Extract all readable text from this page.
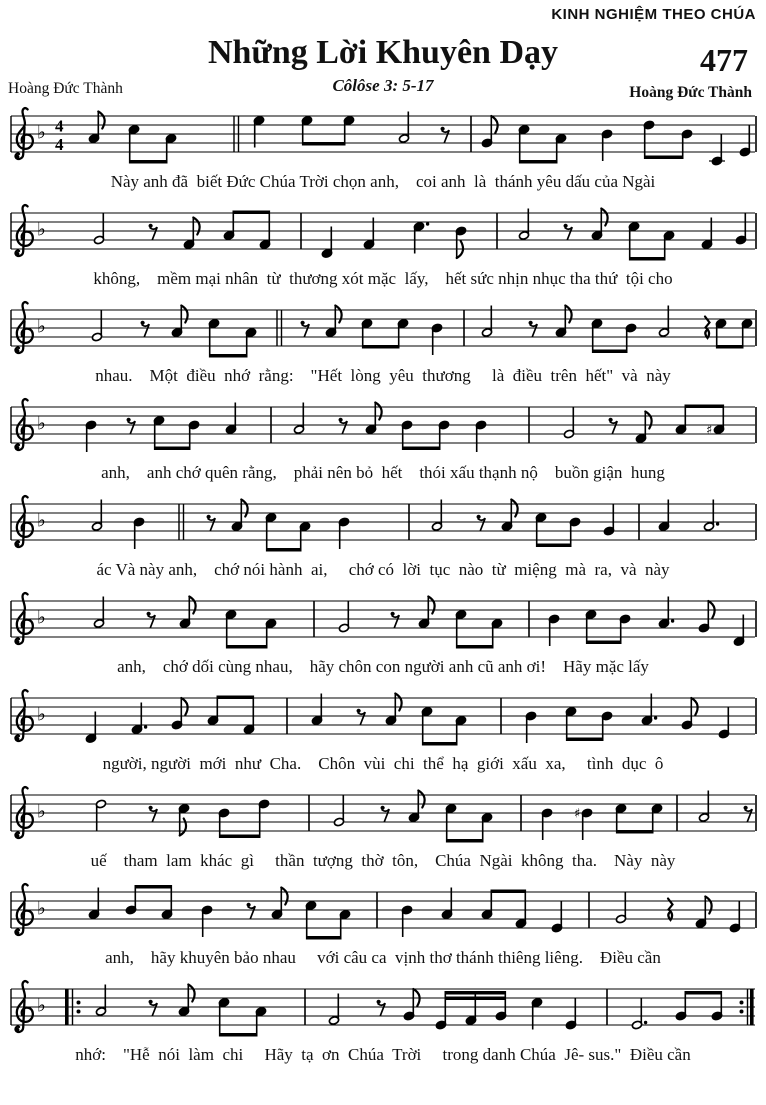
KINH NGHIỆM THEO CHÚA
Những Lời Khuyên Dạy	477
Côlôse 3: 5-17
Hoàng Đức Thành	Hoàng Đức Thành
♭ 4
4
Này anh đã  biết Đức Chúa Trời chọn anh,    coi anh  là  thánh yêu dấu của Ngài
♭
không,    mềm mại nhân  từ  thương xót mặc  lấy,    hết sức nhịn nhục tha thứ  tội cho
♭
nhau.    Một  điều  nhớ  rằng:    "Hết  lòng  yêu  thương     là  điều  trên  hết"  và  này
♭	♯
anh,    anh chớ quên rằng,    phải nên bỏ  hết    thói xấu thạnh nộ    buồn giận  hung
♭
ác Và này anh,    chớ nói hành  ai,     chớ có  lời  tục  nào  từ  miệng  mà  ra,  và  này
♭
anh,    chớ dối cùng nhau,    hãy chôn con người anh cũ anh ơi!    Hãy mặc lấy
♭
người, người  mới  như  Cha.    Chôn  vùi  chi  thể  hạ  giới  xấu  xa,     tình  dục  ô
♭	♯
uế    tham  lam  khác  gì     thần  tượng  thờ  tôn,    Chúa  Ngài  không  tha.    Này  này
♭
anh,    hãy khuyên bảo nhau     với câu ca  vịnh thơ thánh thiêng liêng.    Điều cần
♭
nhớ:    "Hễ  nói  làm  chi     Hãy  tạ  ơn  Chúa  Trời     trong danh Chúa  Jê- sus."  Điều cần
